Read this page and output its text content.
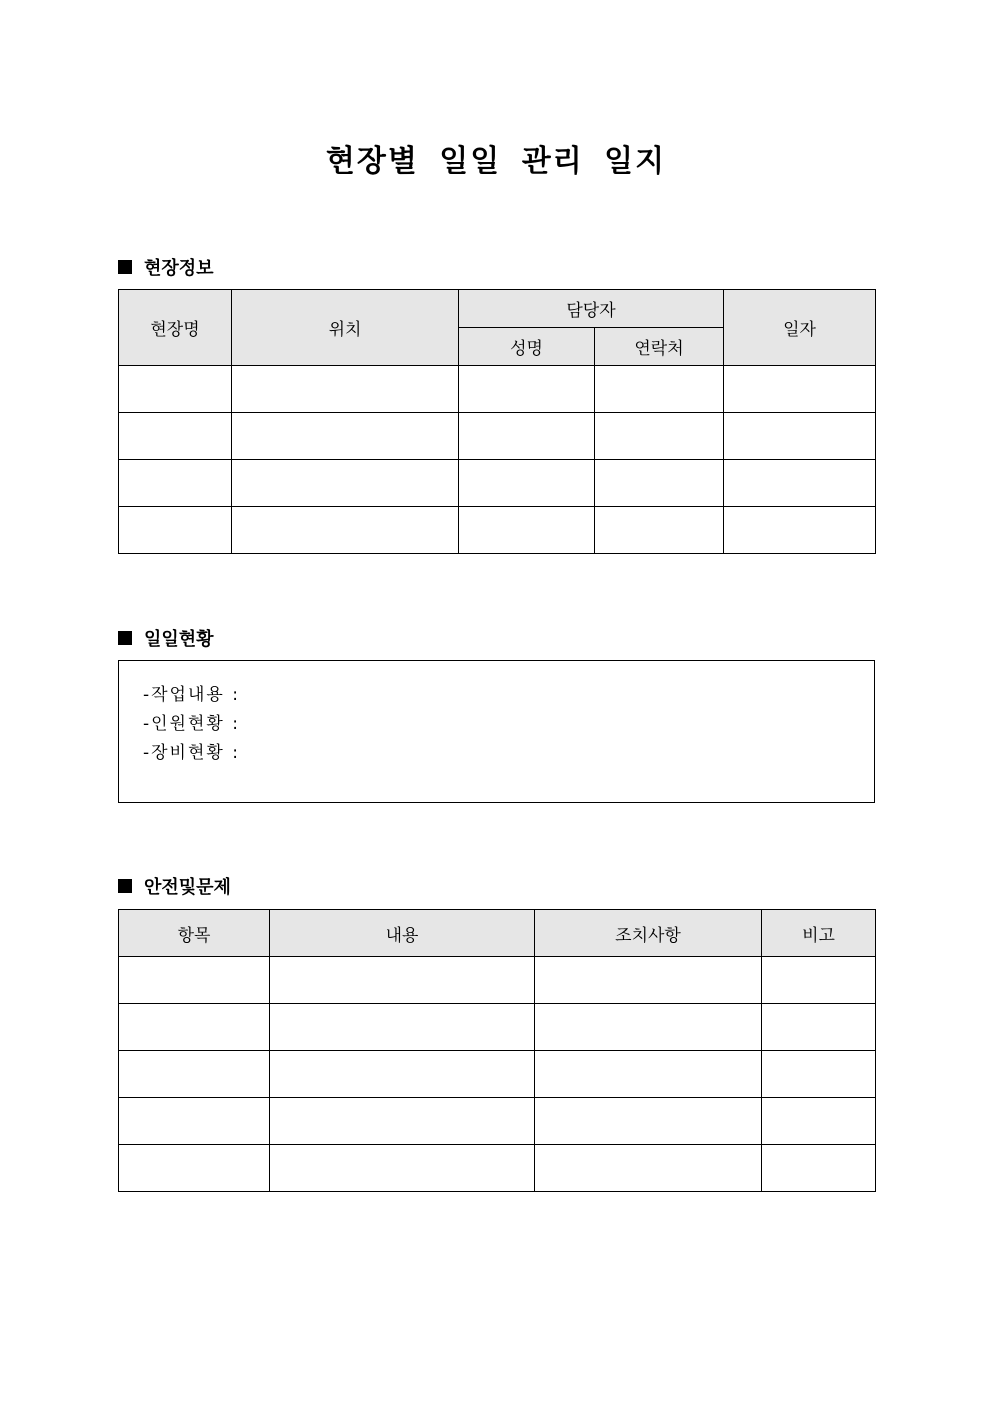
현장별 일일 관리 일지
현장정보
현장명	위치	담당자		일자
		성명	연락처	

일일현황
-작업내용 :
-인원현황 :
-장비현황 :
안전및문제
항목	내용	조치사항	비고
